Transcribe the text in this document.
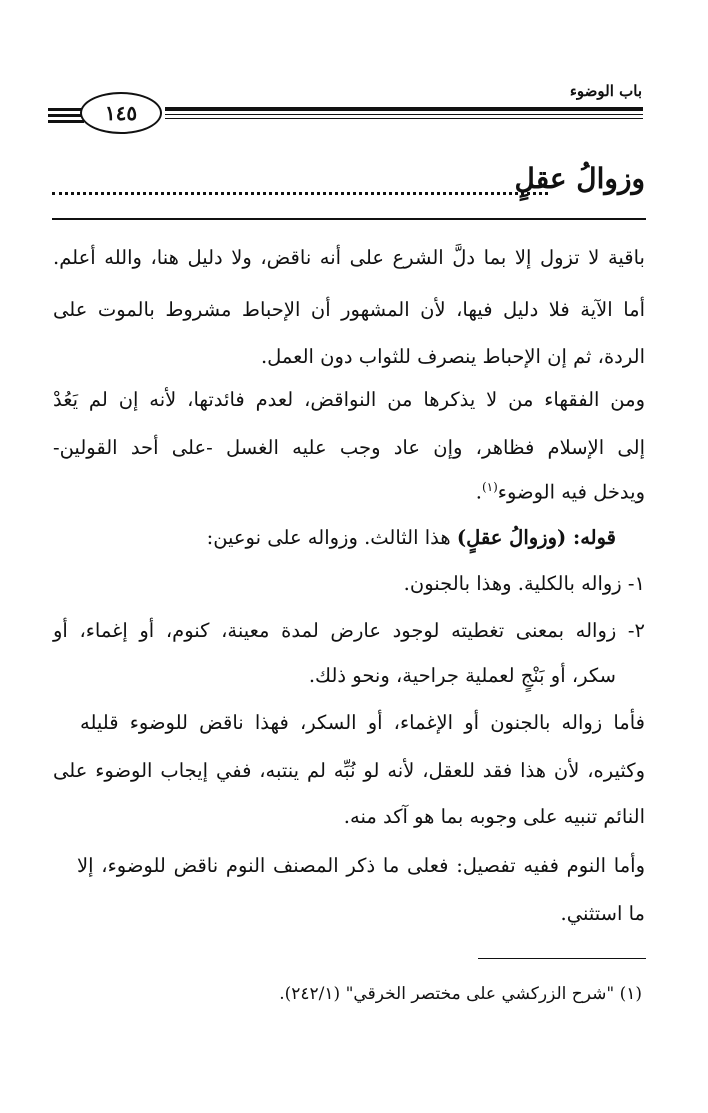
باب الوضوء
١٤٥
وزوالُ عقلٍ
باقية لا تزول إلا بما دلَّ الشرع على أنه ناقض، ولا دليل هنا، والله أعلم.
أما الآية فلا دليل فيها، لأن المشهور أن الإحباط مشروط بالموت على
الردة، ثم إن الإحباط ينصرف للثواب دون العمل.
ومن الفقهاء من لا يذكرها من النواقض، لعدم فائدتها، لأنه إن لم يَعُدْ
إلى الإسلام فظاهر، وإن عاد وجب عليه الغسل -على أحد القولين-
ويدخل فيه الوضوء$^{(١)}$.
قوله: (وزوالُ عقلٍ) هذا الثالث. وزواله على نوعين:
١- زواله بالكلية. وهذا بالجنون.
٢- زواله بمعنى تغطيته لوجود عارض لمدة معينة، كنوم، أو إغماء، أو
سكر، أو بَنْجٍ لعملية جراحية، ونحو ذلك.
فأما زواله بالجنون أو الإغماء، أو السكر، فهذا ناقض للوضوء قليله
وكثيره، لأن هذا فقد للعقل، لأنه لو نُبِّه لم ينتبه، ففي إيجاب الوضوء على
النائم تنبيه على وجوبه بما هو آكد منه.
وأما النوم ففيه تفصيل: فعلى ما ذكر المصنف النوم ناقض للوضوء، إلا
ما استثني.
(١) "شرح الزركشي على مختصر الخرقي" (٢٤٢/١).
